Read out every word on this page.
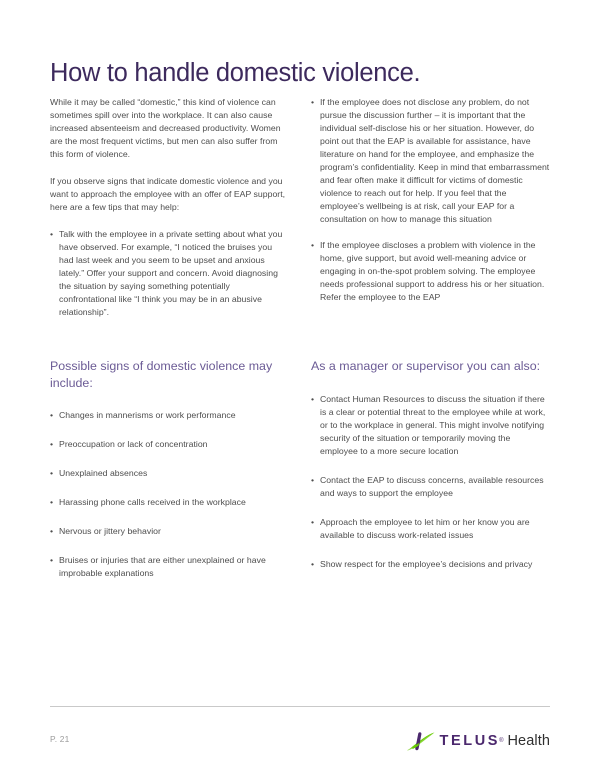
How to handle domestic violence.

While it may be called “domestic,” this kind of violence can sometimes spill over into the workplace. It can also cause increased absenteeism and decreased productivity. Women are the most frequent victims, but men can also suffer from this form of violence.

If you observe signs that indicate domestic violence and you want to approach the employee with an offer of EAP support, here are a few tips that may help:

• Talk with the employee in a private setting about what you have observed. For example, “I noticed the bruises you had last week and you seem to be upset and anxious lately.” Offer your support and concern. Avoid diagnosing the situation by saying something potentially confrontational like “I think you may be in an abusive relationship”.
• If the employee does not disclose any problem, do not pursue the discussion further – it is important that the individual self-disclose his or her situation. However, do point out that the EAP is available for assistance, have literature on hand for the employee, and emphasize the program’s confidentiality. Keep in mind that embarrassment and fear often make it difficult for victims of domestic violence to reach out for help. If you feel that the employee’s wellbeing is at risk, call your EAP for a consultation on how to manage this situation
• If the employee discloses a problem with violence in the home, give support, but avoid well-meaning advice or engaging in on-the-spot problem solving. The employee needs professional support to address his or her situation. Refer the employee to the EAP
Possible signs of domestic violence may include:
• Changes in mannerisms or work performance
• Preoccupation or lack of concentration
• Unexplained absences
• Harassing phone calls received in the workplace
• Nervous or jittery behavior
• Bruises or injuries that are either unexplained or have improbable explanations
As a manager or supervisor you can also:
• Contact Human Resources to discuss the situation if there is a clear or potential threat to the employee while at work, or to the workplace in general. This might involve notifying security of the situation or temporarily moving the employee to a more secure location
• Contact the EAP to discuss concerns, available resources and ways to support the employee
• Approach the employee to let him or her know you are available to discuss work-related issues
• Show respect for the employee’s decisions and privacy
P. 21	TELUS ® Health
